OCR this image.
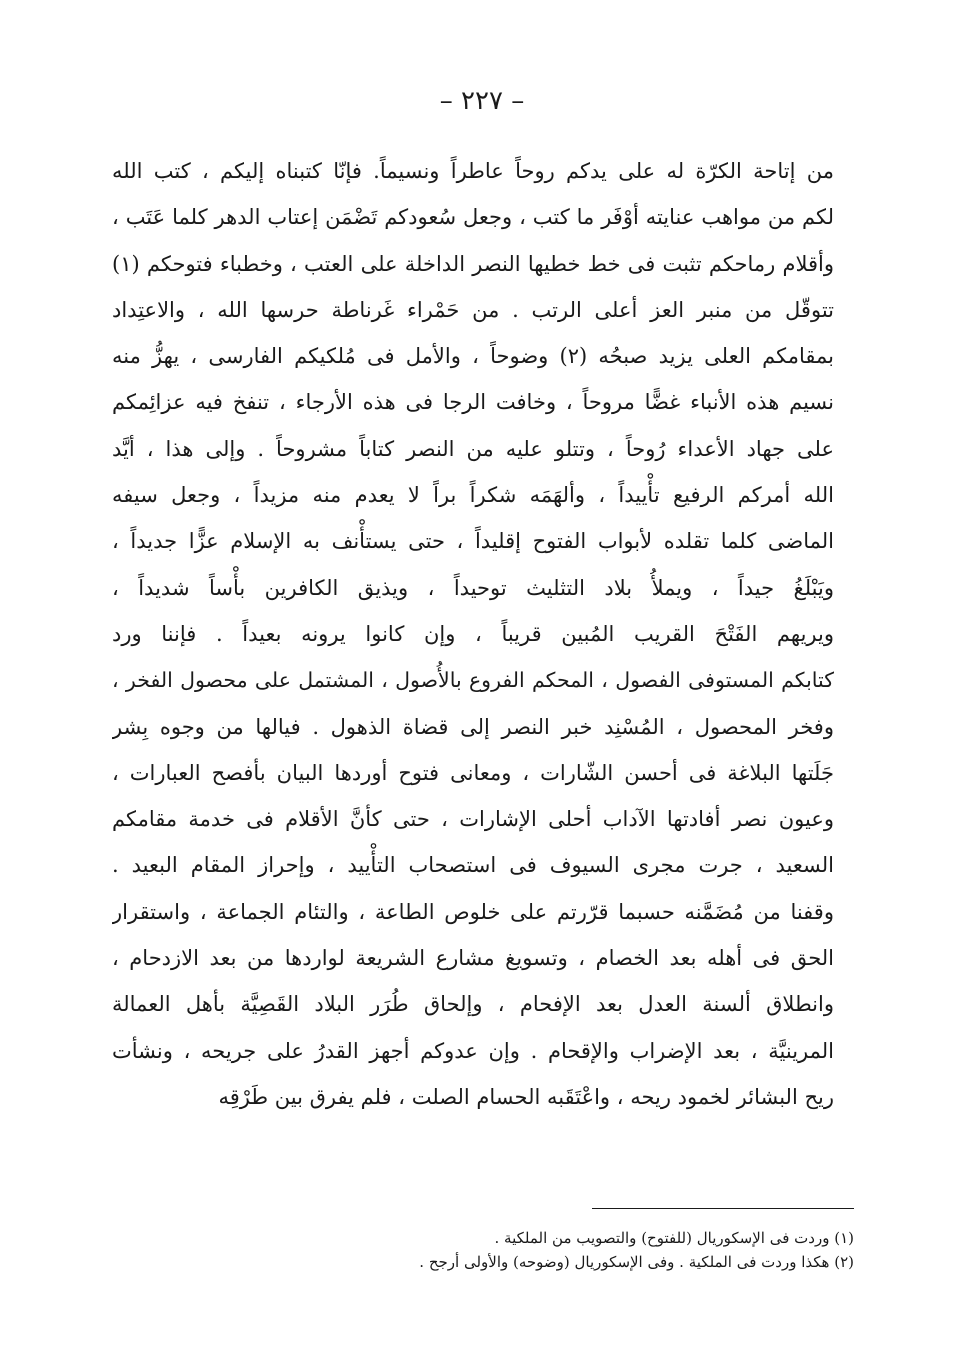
– ٢٢٧ –
من إتاحة الكرّة له على يدكم روحاً عاطراً ونسيماً. فإنّا كتبناه إليكم ، كتب الله
لكم من مواهب عنايته أوْفَر ما كتب ، وجعل سُعودكم تَضْمَن إعتاب الدهر كلما عَتَب ،
وأقلام رماحكم تثبت فى خط خطيها النصر الداخلة على العتب ، وخطباء فتوحكم (١)
تتوقّل من منبر العز أعلى الرتب . من حَمْراء غَرناطة حرسها الله ، والاعتِداد
بمقامكم العلى يزيد صبحُه (٢) وضوحاً ، والأمل فى مُلكيكم الفارسى ، يهزُّ منه
نسيم هذه الأنباء غضًّا مروحاً ، وخافت الرجا فى هذه الأرجاء ، تنفخ فيه عزائِمكم
على جهاد الأعداء رُوحاً ، وتتلو عليه من النصر كتاباً مشروحاً . وإلى هذا ، أيَّد
الله أمركم الرفيع تأْييداً ، وألهَمَه شكراً براً لا يعدم منه مزيداً ، وجعل سيفه
الماضى كلما تقلده لأبواب الفتوح إقليداً ، حتى يستأْنف به الإسلام عزًّا جديداً ،
ويَبْلَغُ جيداً ، ويملأُ بلاد التثليث توحيداً ، ويذيق الكافرين بأْساً شديداً ،
ويريهم الفَتْحَ القريب المُبين قريباً ، وإن كانوا يرونه بعيداً . فإننا ورد
كتابكم المستوفى الفصول ، المحكم الفروع بالأُصول ، المشتمل على محصول الفخر ،
وفخر المحصول ، المُسْنِد خبر النصر إلى قضاة الذهول . فيالها من وجوه بِشر
جَلَتها البلاغة فى أحسن الشّارات ، ومعانى فتوح أوردها البيان بأفصح العبارات ،
وعيون نصر أفادتها الآداب أحلى الإشارات ، حتى كأنَّ الأقلام فى خدمة مقامكم
السعيد ، جرت مجرى السيوف فى استصحاب التأْييد ، وإحراز المقام البعيد .
وقفنا من مُضَمَّنه حسبما قرّرتم على خلوص الطاعة ، والتئام الجماعة ، واستقرار
الحق فى أهله بعد الخصام ، وتسويغ مشارع الشريعة لواردها من بعد الازدحام ،
وانطلاق ألسنة العدل بعد الإفحام ، وإلحاق طُرَر البلاد القَصِيَّة بأهل العمالة
المرينيَّة ، بعد الإضراب والإقحام . وإن عدوكم أجهز القدرُ على جريحه ، ونشأت
ريح البشائر لخمود ريحه ، واعْتَقَبه الحسام الصلت ، فلم يفرق بين طَرْقِه
(١) وردت فى الإسكوريال (للفتوح) والتصويب من الملكية .
(٢) هكذا وردت فى الملكية . وفى الإسكوريال (وضوحه) والأولى أرجح .
